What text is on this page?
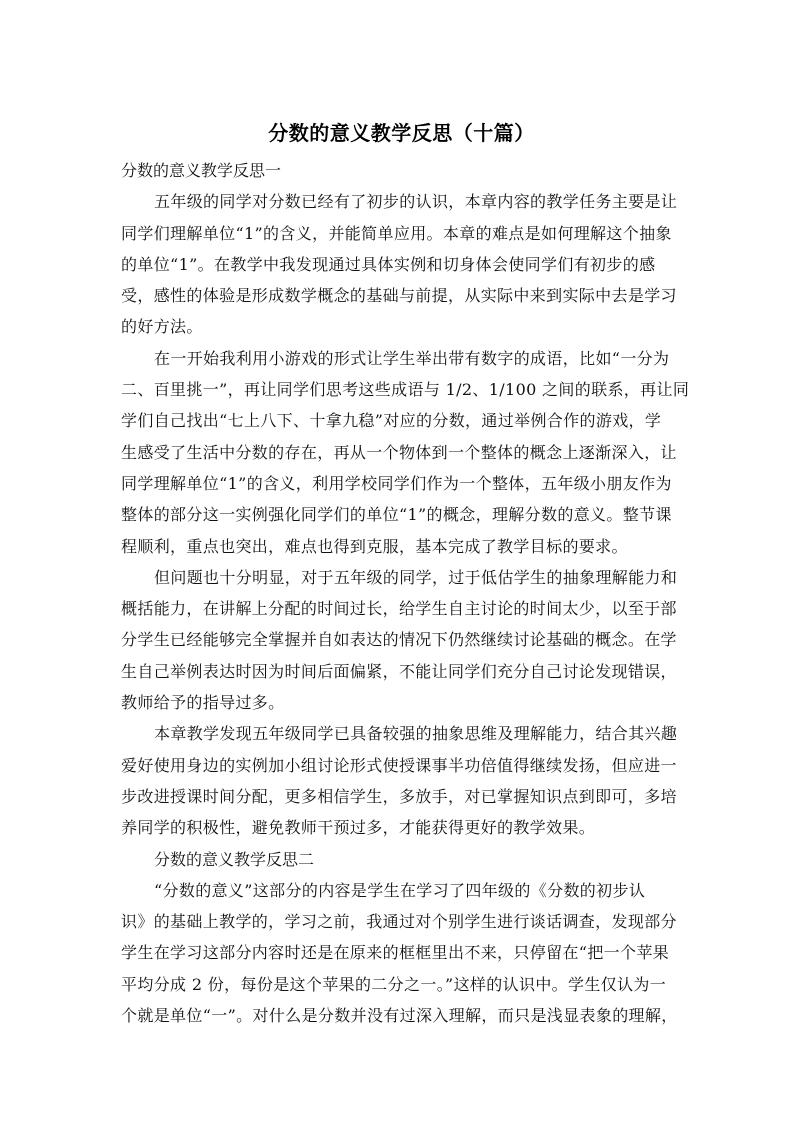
分数的意义教学反思（十篇）
分数的意义教学反思一
五年级的同学对分数已经有了初步的认识，本章内容的教学任务主要是让
同学们理解单位“1”的含义，并能简单应用。本章的难点是如何理解这个抽象
的单位“1”。在教学中我发现通过具体实例和切身体会使同学们有初步的感
受，感性的体验是形成数学概念的基础与前提，从实际中来到实际中去是学习
的好方法。
在一开始我利用小游戏的形式让学生举出带有数字的成语，比如“一分为
二、百里挑一”，再让同学们思考这些成语与 1/2、1/100 之间的联系，再让同
学们自己找出“七上八下、十拿九稳”对应的分数，通过举例合作的游戏，学
生感受了生活中分数的存在，再从一个物体到一个整体的概念上逐渐深入，让
同学理解单位“1”的含义，利用学校同学们作为一个整体，五年级小朋友作为
整体的部分这一实例强化同学们的单位“1”的概念，理解分数的意义。整节课
程顺利，重点也突出，难点也得到克服，基本完成了教学目标的要求。
但问题也十分明显，对于五年级的同学，过于低估学生的抽象理解能力和
概括能力，在讲解上分配的时间过长，给学生自主讨论的时间太少，以至于部
分学生已经能够完全掌握并自如表达的情况下仍然继续讨论基础的概念。在学
生自己举例表达时因为时间后面偏紧，不能让同学们充分自己讨论发现错误，
教师给予的指导过多。
本章教学发现五年级同学已具备较强的抽象思维及理解能力，结合其兴趣
爱好使用身边的实例加小组讨论形式使授课事半功倍值得继续发扬，但应进一
步改进授课时间分配，更多相信学生，多放手，对已掌握知识点到即可，多培
养同学的积极性，避免教师干预过多，才能获得更好的教学效果。
分数的意义教学反思二
“分数的意义”这部分的内容是学生在学习了四年级的《分数的初步认
识》的基础上教学的，学习之前，我通过对个别学生进行谈话调查，发现部分
学生在学习这部分内容时还是在原来的框框里出不来，只停留在“把一个苹果
平均分成 2 份，每份是这个苹果的二分之一。”这样的认识中。学生仅认为一
个就是单位“一”。对什么是分数并没有过深入理解，而只是浅显表象的理解，
